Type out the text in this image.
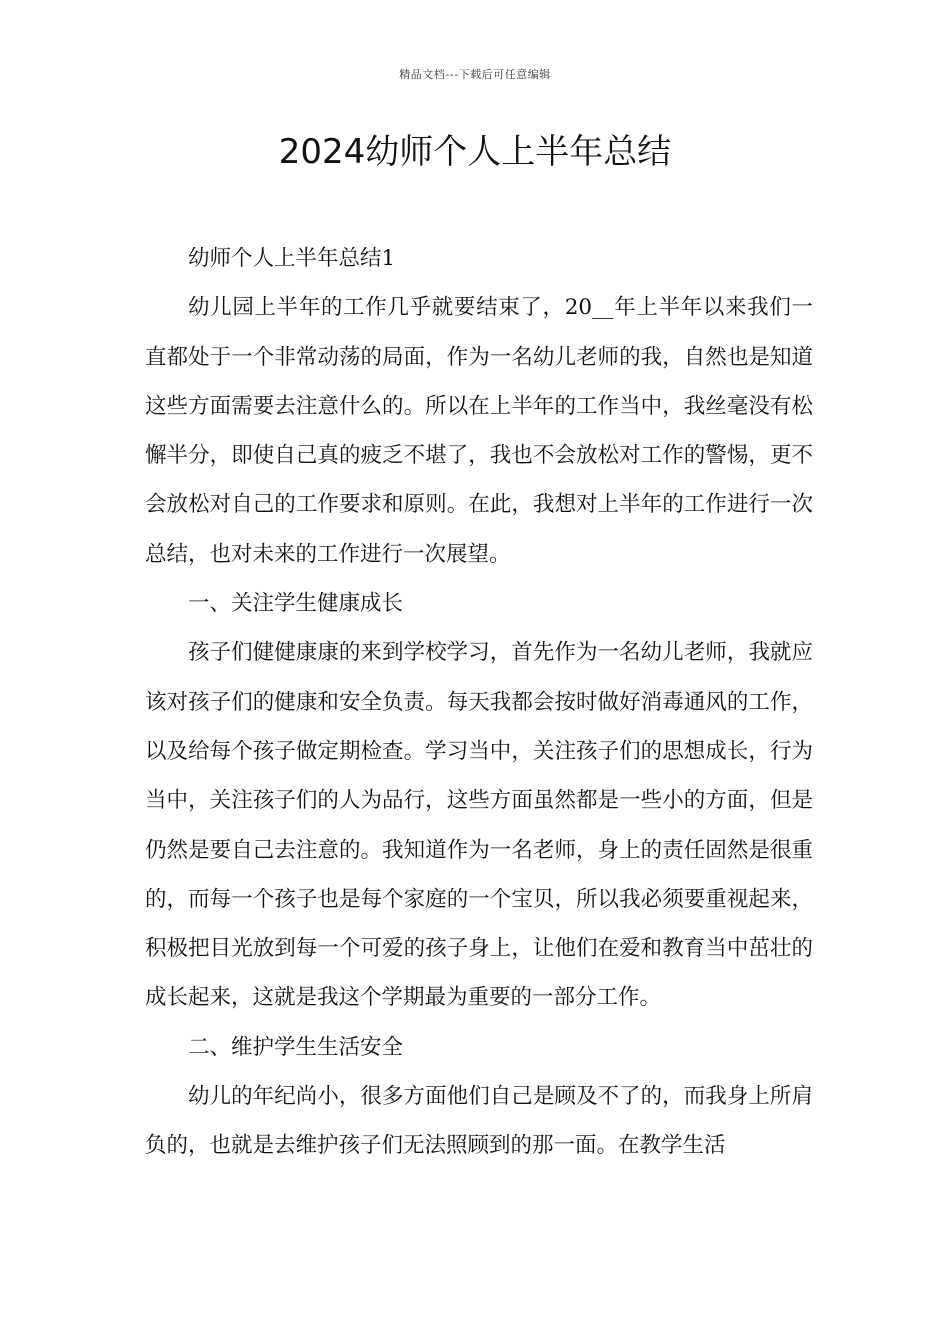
精品文档---下载后可任意编辑
2024幼师个人上半年总结

幼师个人上半年总结1

幼儿园上半年的工作几乎就要结束了，20__年上半年以来我们一直都处于一个非常动荡的局面，作为一名幼儿老师的我，自然也是知道这些方面需要去注意什么的。所以在上半年的工作当中，我丝毫没有松懈半分，即使自己真的疲乏不堪了，我也不会放松对工作的警惕，更不会放松对自己的工作要求和原则。在此，我想对上半年的工作进行一次总结，也对未来的工作进行一次展望。

一、关注学生健康成长

孩子们健健康康的来到学校学习，首先作为一名幼儿老师，我就应该对孩子们的健康和安全负责。每天我都会按时做好消毒通风的工作，以及给每个孩子做定期检查。学习当中，关注孩子们的思想成长，行为当中，关注孩子们的人为品行，这些方面虽然都是一些小的方面，但是仍然是要自己去注意的。我知道作为一名老师，身上的责任固然是很重的，而每一个孩子也是每个家庭的一个宝贝，所以我必须要重视起来，积极把目光放到每一个可爱的孩子身上，让他们在爱和教育当中茁壮的成长起来，这就是我这个学期最为重要的一部分工作。

二、维护学生生活安全

幼儿的年纪尚小，很多方面他们自己是顾及不了的，而我身上所肩负的，也就是去维护孩子们无法照顾到的那一面。在教学生活
